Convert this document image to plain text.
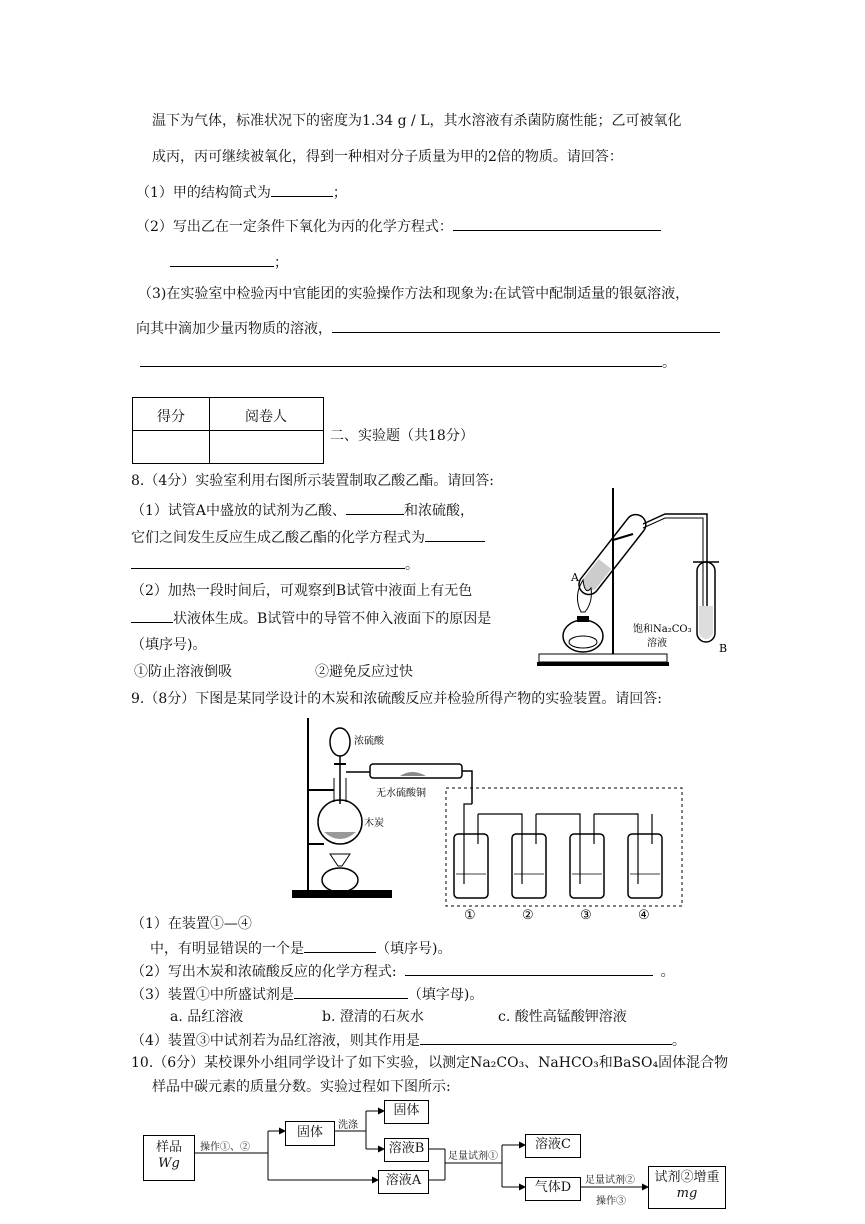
温下为气体，标准状况下的密度为1.34 g / L，其水溶液有杀菌防腐性能；乙可被氧化
成丙，丙可继续被氧化，得到一种相对分子质量为甲的2倍的物质。请回答：
（1）甲的结构简式为	；
（2）写出乙在一定条件下氧化为丙的化学方程式：
；
（3)在实验室中检验丙中官能团的实验操作方法和现象为:在试管中配制适量的银氨溶液，
向其中滴加少量丙物质的溶液，
。
得分	阅卷人
二、实验题（共18分）
8.（4分）实验室利用右图所示装置制取乙酸乙酯。请回答:
（1）试管A中盛放的试剂为乙酸、	和浓硫酸，
它们之间发生反应生成乙酸乙酯的化学方程式为
。
（2）加热一段时间后，可观察到B试管中液面上有无色
状液体生成。B试管中的导管不伸入液面下的原因是
（填序号)。
①防止溶液倒吸	②避免反应过快
A
B
饱和Na₂CO₃
溶液
9.（8分）下图是某同学设计的木炭和浓硫酸反应并检验所得产物的实验装置。请回答:
浓硫酸
无水硫酸铜
木炭
①	②	③	④
（1）在装置①—④
中，有明显错误的一个是	（填序号)。
（2）写出木炭和浓硫酸反应的化学方程式:	。
（3）装置①中所盛试剂是	（填字母)。
a. 品红溶液	b. 澄清的石灰水	c. 酸性高锰酸钾溶液
（4）装置③中试剂若为品红溶液，则其作用是	。
10.（6分）某校课外小组同学设计了如下实验，以测定Na₂CO₃、NaHCO₃和BaSO₄固体混合物
样品中碳元素的质量分数。实验过程如下图所示:
样品
Wg
操作①、②
固体	洗涤
固体
溶液B
溶液A
足量试剂①
溶液C
气体D	足量试剂②
操作③
试剂②增重
mg
